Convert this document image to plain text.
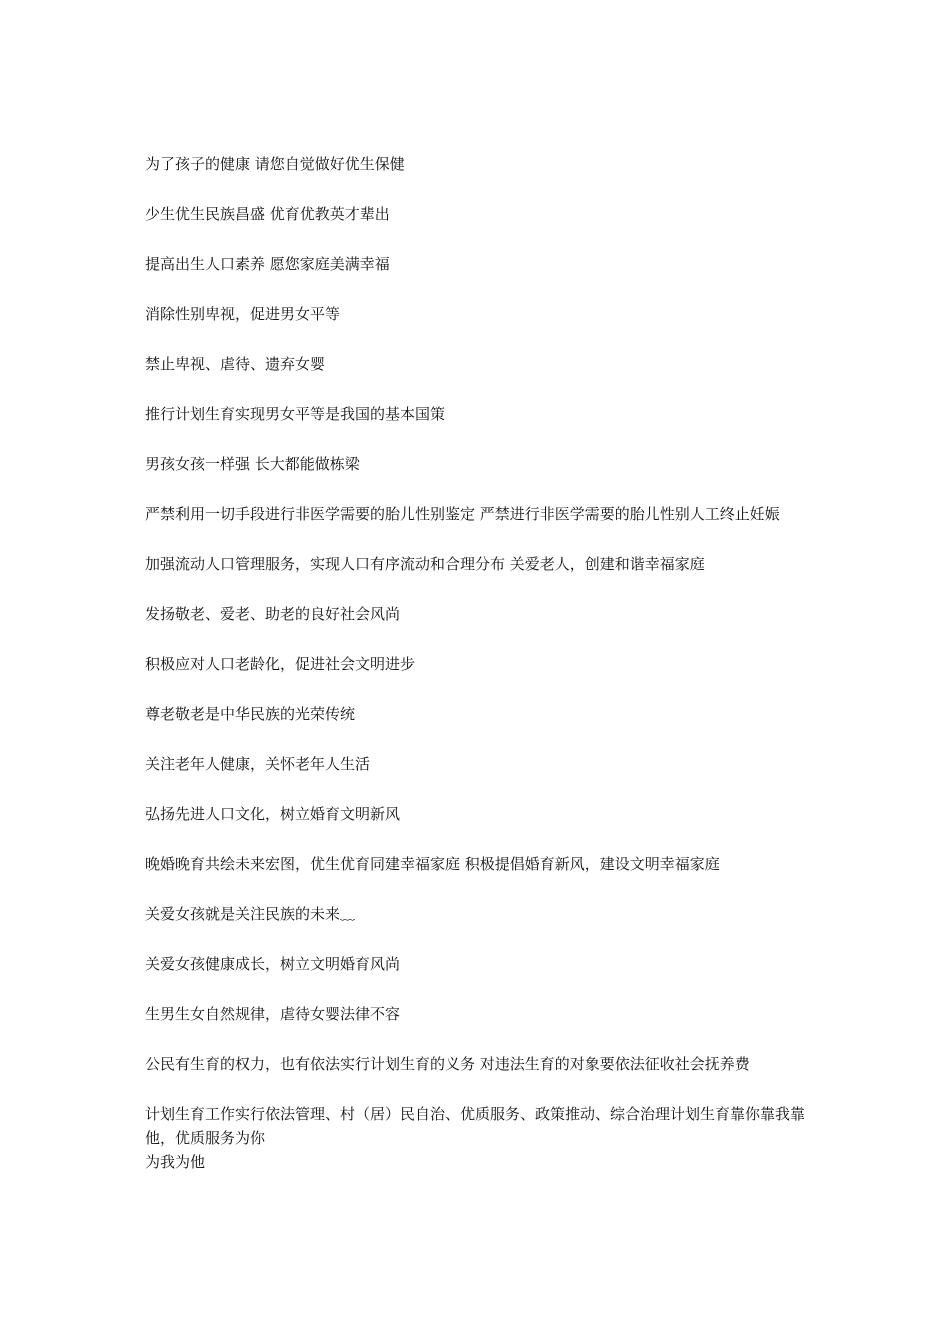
为了孩子的健康 请您自觉做好优生保健

少生优生民族昌盛 优育优教英才辈出

提高出生人口素养 愿您家庭美满幸福

消除性别卑视，促进男女平等

禁止卑视、虐待、遗弃女婴

推行计划生育实现男女平等是我国的基本国策

男孩女孩一样强 长大都能做栋梁

严禁利用一切手段进行非医学需要的胎儿性别鉴定 严禁进行非医学需要的胎儿性别人工终止妊娠

加强流动人口管理服务，实现人口有序流动和合理分布 关爱老人，创建和谐幸福家庭

发扬敬老、爱老、助老的良好社会风尚

积极应对人口老龄化，促进社会文明进步

尊老敬老是中华民族的光荣传统

关注老年人健康，关怀老年人生活

弘扬先进人口文化，树立婚育文明新风

晚婚晚育共绘未来宏图，优生优育同建幸福家庭 积极提倡婚育新风，建设文明幸福家庭

关爱女孩就是关注民族的未来﹏

关爱女孩健康成长，树立文明婚育风尚

生男生女自然规律，虐待女婴法律不容

公民有生育的权力，也有依法实行计划生育的义务 对违法生育的对象要依法征收社会抚养费

计划生育工作实行依法管理、村（居）民自治、优质服务、政策推动、综合治理计划生育靠你靠我靠他，优质服务为你

为我为他
